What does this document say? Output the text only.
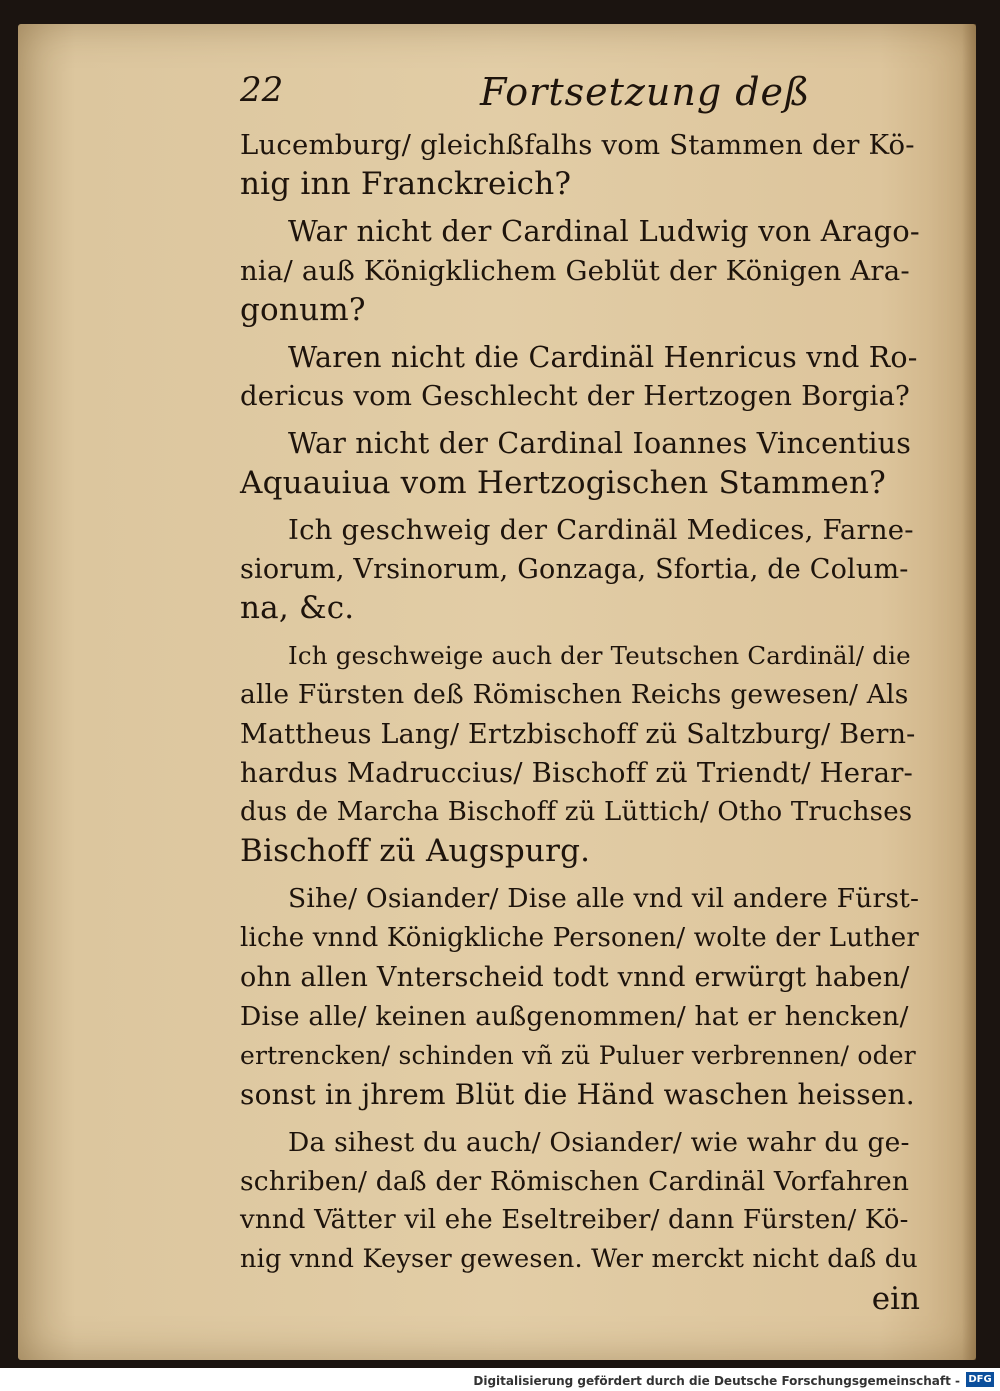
22	Fortsetzung deß
Lucemburg/ gleichßfalhs vom Stammen der Kö-
nig inn Franckreich?
War nicht der Cardinal Ludwig von Arago-
nia/ auß Königklichem Geblüt der Königen Ara-
gonum?
Waren nicht die Cardinäl Henricus vnd Ro-
dericus vom Geschlecht der Hertzogen Borgia?
War nicht der Cardinal Ioannes Vincentius
Aquauiua vom Hertzogischen Stammen?
Ich geschweig der Cardinäl Medices, Farne-
siorum, Vrsinorum, Gonzaga, Sfortia, de Colum-
na, &c.
Ich geschweige auch der Teutschen Cardinäl/ die
alle Fürsten deß Römischen Reichs gewesen/ Als
Mattheus Lang/ Ertzbischoff zü Saltzburg/ Bern-
hardus Madruccius/ Bischoff zü Triendt/ Herar-
dus de Marcha Bischoff zü Lüttich/ Otho Truchses
Bischoff zü Augspurg.
Sihe/ Osiander/ Dise alle vnd vil andere Fürst-
liche vnnd Königkliche Personen/ wolte der Luther
ohn allen Vnterscheid todt vnnd erwürgt haben/
Dise alle/ keinen außgenommen/ hat er hencken/
ertrencken/ schinden vñ zü Puluer verbrennen/ oder
sonst in jhrem Blüt die Händ waschen heissen.
Da sihest du auch/ Osiander/ wie wahr du ge-
schriben/ daß der Römischen Cardinäl Vorfahren
vnnd Vätter vil ehe Eseltreiber/ dann Fürsten/ Kö-
nig vnnd Keyser gewesen. Wer merckt nicht daß du
ein
Digitalisierung gefördert durch die Deutsche Forschungsgemeinschaft - DFG
